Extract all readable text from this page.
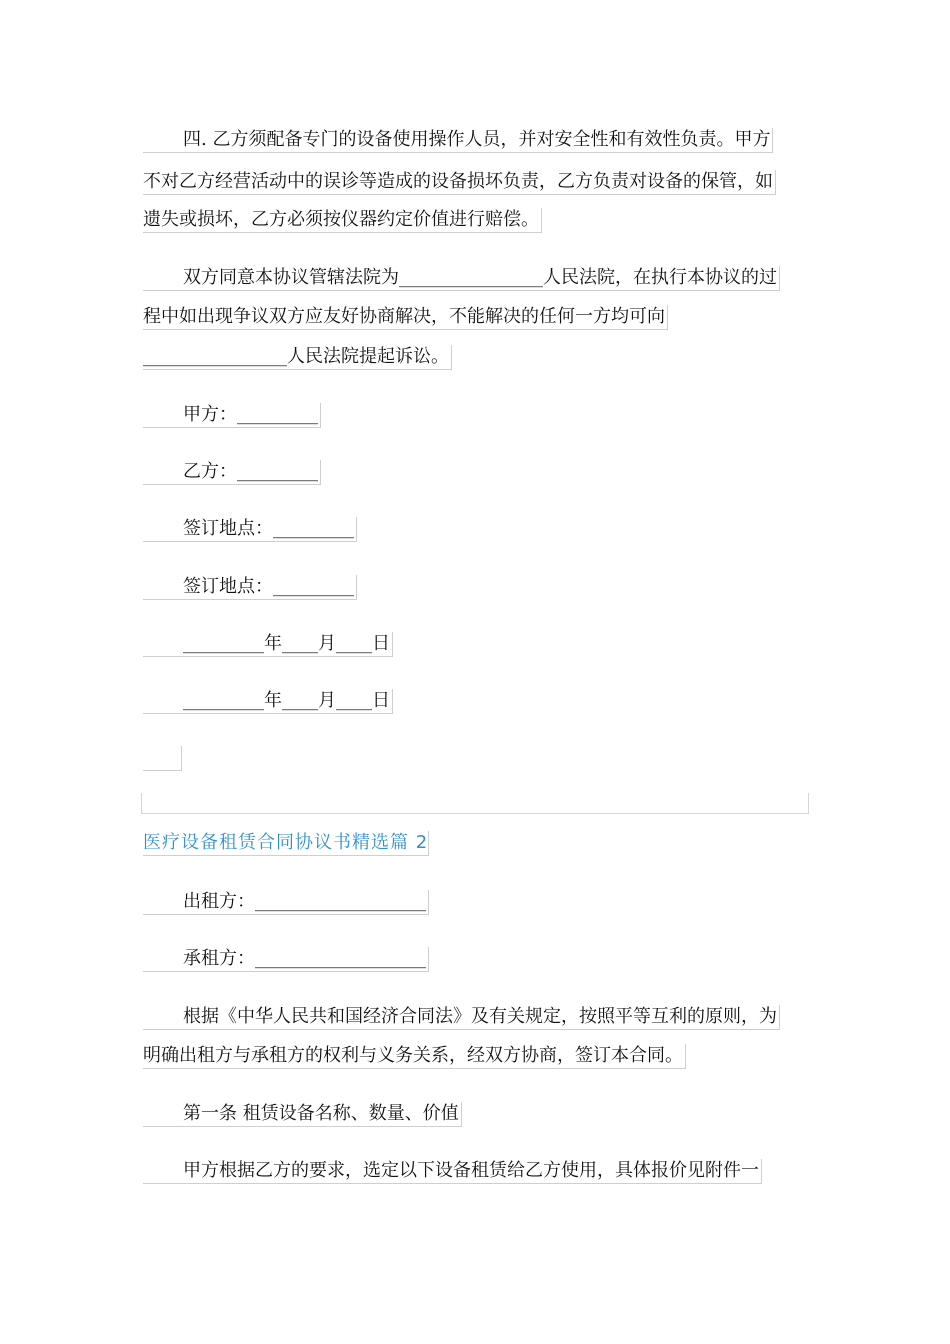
四. 乙方须配备专门的设备使用操作人员，并对安全性和有效性负责。甲方
不对乙方经营活动中的误诊等造成的设备损坏负责，乙方负责对设备的保管，如
遗失或损坏，乙方必须按仪器约定价值进行赔偿。
双方同意本协议管辖法院为________________人民法院，在执行本协议的过
程中如出现争议双方应友好协商解决，不能解决的任何一方均可向
________________人民法院提起诉讼。
甲方：_________
乙方：_________
签订地点：_________
签订地点：_________
_________年____月____日
_________年____月____日
医疗设备租赁合同协议书精选篇 2
出租方：___________________
承租方：___________________
根据《中华人民共和国经济合同法》及有关规定，按照平等互利的原则，为
明确出租方与承租方的权利与义务关系，经双方协商，签订本合同。
第一条 租赁设备名称、数量、价值
甲方根据乙方的要求，选定以下设备租赁给乙方使用，具体报价见附件一
